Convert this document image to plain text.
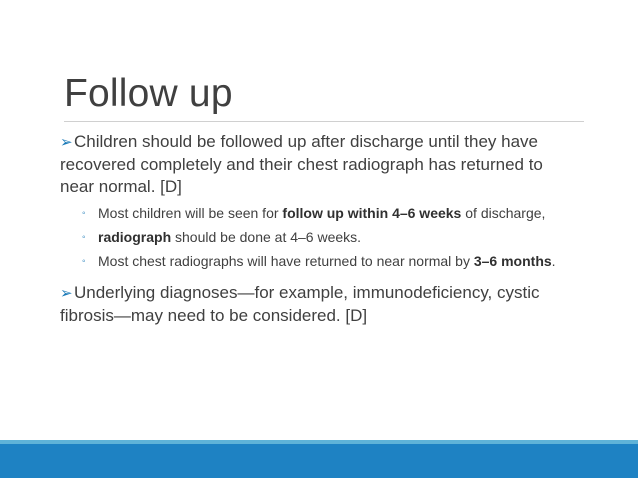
Follow up

➢Children should be followed up after discharge until they have recovered completely and their chest radiograph has returned to near normal. [D]

◦ Most children will be seen for follow up within 4–6 weeks of discharge,
◦ radiograph should be done at 4–6 weeks.
◦ Most chest radiographs will have returned to near normal by 3–6 months.

➢Underlying diagnoses—for example, immunodeficiency, cystic fibrosis—may need to be considered. [D]
